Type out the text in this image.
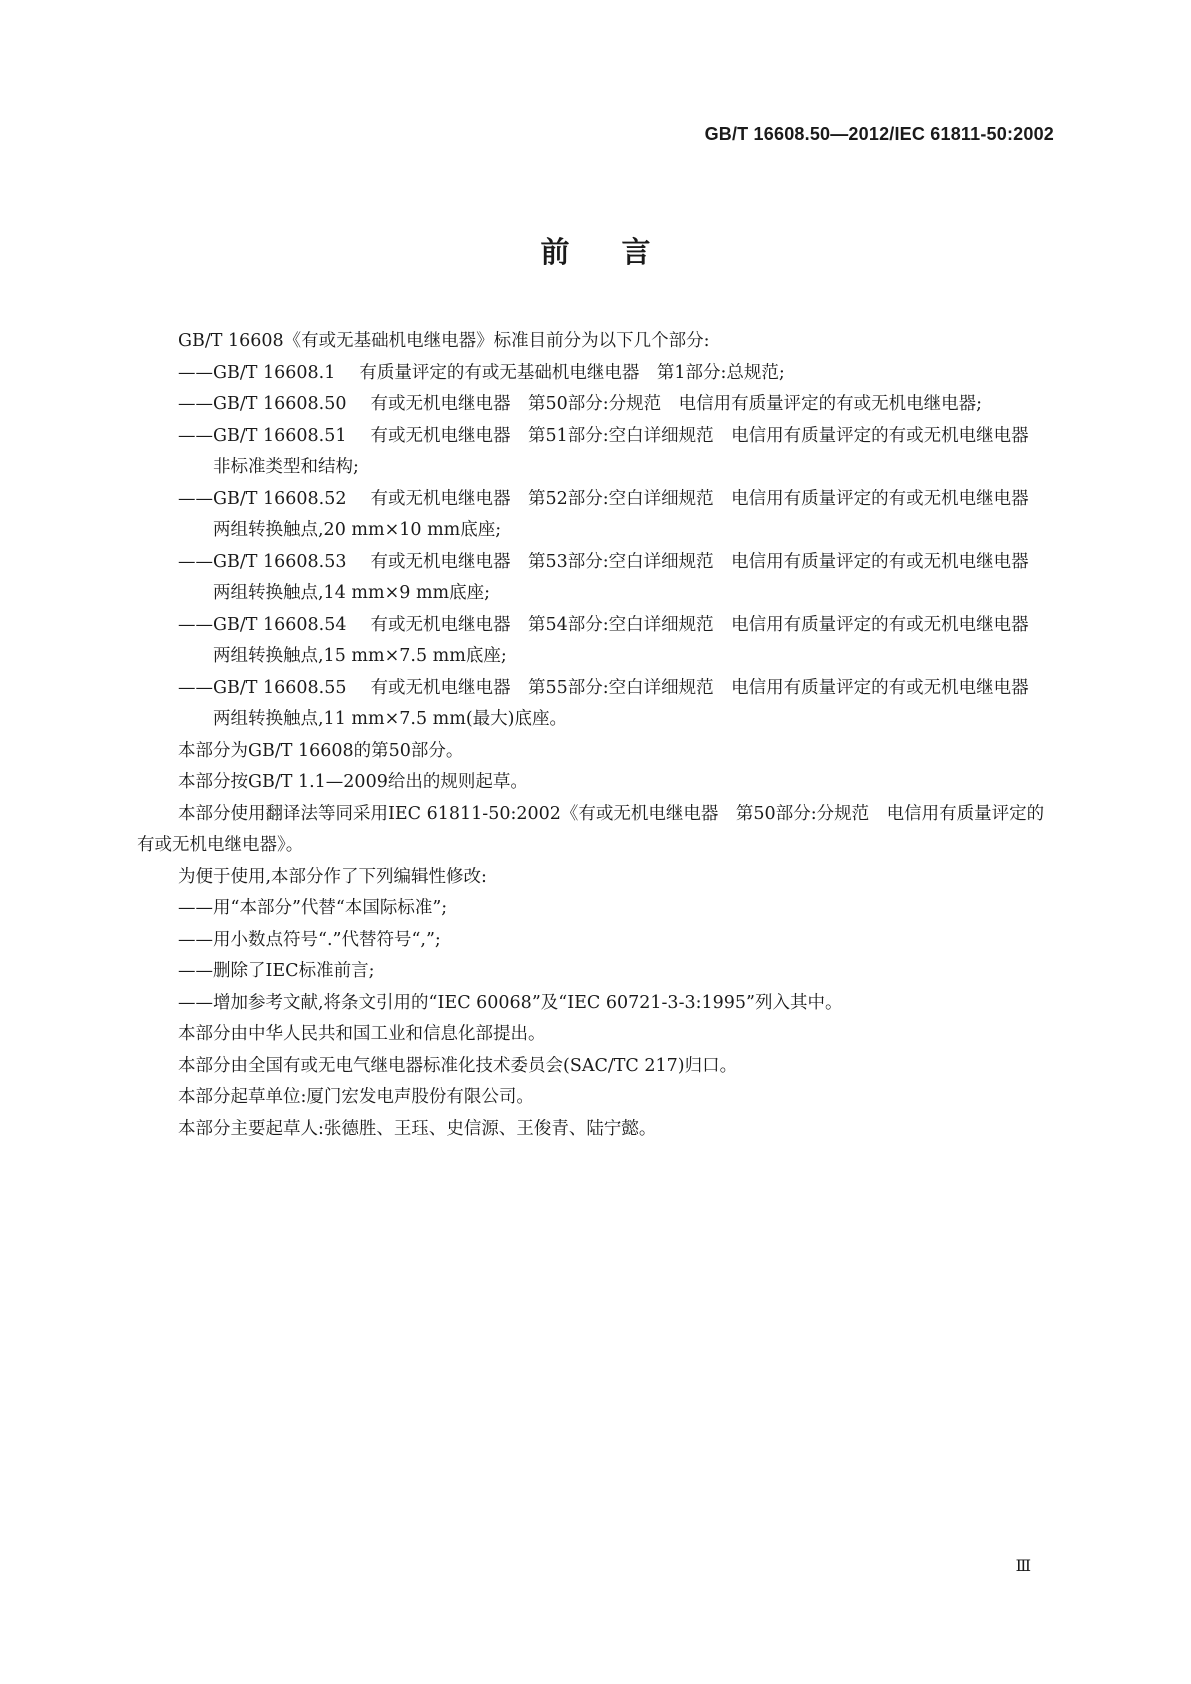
GB/T 16608.50—2012/IEC 61811-50:2002
前言

GB/T 16608《有或无基础机电继电器》标准目前分为以下几个部分:

——GB/T 16608.1 有质量评定的有或无基础机电继电器　第1部分:总规范;
——GB/T 16608.50 有或无机电继电器　第50部分:分规范　电信用有质量评定的有或无机电继电器;
——GB/T 16608.51 有或无机电继电器　第51部分:空白详细规范　电信用有质量评定的有或无机电继电器　非标准类型和结构;
——GB/T 16608.52 有或无机电继电器　第52部分:空白详细规范　电信用有质量评定的有或无机电继电器　两组转换触点,20 mm×10 mm底座;
——GB/T 16608.53 有或无机电继电器　第53部分:空白详细规范　电信用有质量评定的有或无机电继电器　两组转换触点,14 mm×9 mm底座;
——GB/T 16608.54 有或无机电继电器　第54部分:空白详细规范　电信用有质量评定的有或无机电继电器　两组转换触点,15 mm×7.5 mm底座;
——GB/T 16608.55 有或无机电继电器　第55部分:空白详细规范　电信用有质量评定的有或无机电继电器　两组转换触点,11 mm×7.5 mm(最大)底座。

本部分为GB/T 16608的第50部分。

本部分按GB/T 1.1—2009给出的规则起草。

本部分使用翻译法等同采用IEC 61811-50:2002《有或无机电继电器　第50部分:分规范　电信用有质量评定的有或无机电继电器》。

为便于使用,本部分作了下列编辑性修改:

——用“本部分”代替“本国际标准”;
——用小数点符号“.”代替符号“,”;
——删除了IEC标准前言;
——增加参考文献,将条文引用的“IEC 60068”及“IEC 60721-3-3:1995”列入其中。

本部分由中华人民共和国工业和信息化部提出。

本部分由全国有或无电气继电器标准化技术委员会(SAC/TC 217)归口。

本部分起草单位:厦门宏发电声股份有限公司。

本部分主要起草人:张德胜、王珏、史信源、王俊青、陆宁懿。

Ⅲ
